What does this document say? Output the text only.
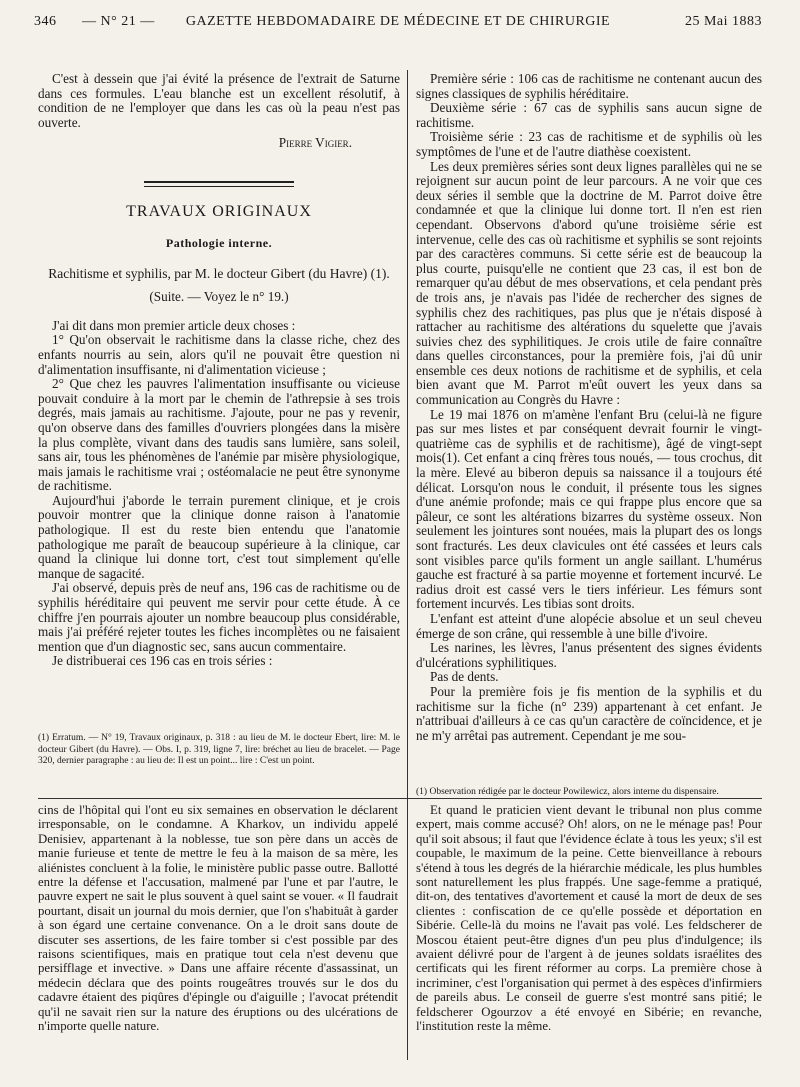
346 — N° 21 —	GAZETTE HEBDOMADAIRE DE MÉDECINE ET DE CHIRURGIE	25 Mai 1883

C'est à dessein que j'ai évité la présence de l'extrait de Saturne dans ces formules. L'eau blanche est un excellent résolutif, à condition de ne l'employer que dans les cas où la peau n'est pas ouverte.

Pierre Vigier.

TRAVAUX ORIGINAUX

Pathologie interne.

Rachitisme et syphilis, par M. le docteur Gibert (du Havre) (1).

(Suite. — Voyez le n° 19.)

J'ai dit dans mon premier article deux choses :

1° Qu'on observait le rachitisme dans la classe riche, chez des enfants nourris au sein, alors qu'il ne pouvait être question ni d'alimentation insuffisante, ni d'alimentation vicieuse ;

2° Que chez les pauvres l'alimentation insuffisante ou vicieuse pouvait conduire à la mort par le chemin de l'athrepsie à ses trois degrés, mais jamais au rachitisme. J'ajoute, pour ne pas y revenir, qu'on observe dans des familles d'ouvriers plongées dans la misère la plus complète, vivant dans des taudis sans lumière, sans soleil, sans air, tous les phénomènes de l'anémie par misère physiologique, mais jamais le rachitisme vrai ; ostéomalacie ne peut être synonyme de rachitisme.

Aujourd'hui j'aborde le terrain purement clinique, et je crois pouvoir montrer que la clinique donne raison à l'anatomie pathologique. Il est du reste bien entendu que l'anatomie pathologique me paraît de beaucoup supérieure à la clinique, car quand la clinique lui donne tort, c'est tout simplement qu'elle manque de sagacité.

J'ai observé, depuis près de neuf ans, 196 cas de rachitisme ou de syphilis héréditaire qui peuvent me servir pour cette étude. À ce chiffre j'en pourrais ajouter un nombre beaucoup plus considérable, mais j'ai préféré rejeter toutes les fiches incomplètes ou ne faisaient mention que d'un diagnostic sec, sans aucun commentaire.

Je distribuerai ces 196 cas en trois séries :

(1) Erratum. — N° 19, Travaux originaux, p. 318 : au lieu de M. le docteur Ebert, lire: M. le docteur Gibert (du Havre). — Obs. I, p. 319, ligne 7, lire: bréchet au lieu de bracelet. — Page 320, dernier paragraphe : au lieu de: Il est un point... lire : C'est un point.

Première série : 106 cas de rachitisme ne contenant aucun des signes classiques de syphilis héréditaire.

Deuxième série : 67 cas de syphilis sans aucun signe de rachitisme.

Troisième série : 23 cas de rachitisme et de syphilis où les symptômes de l'une et de l'autre diathèse coexistent.

Les deux premières séries sont deux lignes parallèles qui ne se rejoignent sur aucun point de leur parcours. A ne voir que ces deux séries il semble que la doctrine de M. Parrot doive être condamnée et que la clinique lui donne tort. Il n'en est rien cependant. Observons d'abord qu'une troisième série est intervenue, celle des cas où rachitisme et syphilis se sont rejoints par des caractères communs. Si cette série est de beaucoup la plus courte, puisqu'elle ne contient que 23 cas, il est bon de remarquer qu'au début de mes observations, et cela pendant près de trois ans, je n'avais pas l'idée de rechercher des signes de syphilis chez des rachitiques, pas plus que je n'étais disposé à rattacher au rachitisme des altérations du squelette que j'avais suivies chez des syphilitiques. Je crois utile de faire connaître dans quelles circonstances, pour la première fois, j'ai dû unir ensemble ces deux notions de rachitisme et de syphilis, et cela bien avant que M. Parrot m'eût ouvert les yeux dans sa communication au Congrès du Havre :

Le 19 mai 1876 on m'amène l'enfant Bru (celui-là ne figure pas sur mes listes et par conséquent devrait fournir le vingt-quatrième cas de syphilis et de rachitisme), âgé de vingt-sept mois(1). Cet enfant a cinq frères tous noués, — tous crochus, dit la mère. Elevé au biberon depuis sa naissance il a toujours été délicat. Lorsqu'on nous le conduit, il présente tous les signes d'une anémie profonde; mais ce qui frappe plus encore que sa pâleur, ce sont les altérations bizarres du système osseux. Non seulement les jointures sont nouées, mais la plupart des os longs sont fracturés. Les deux clavicules ont été cassées et leurs cals sont visibles parce qu'ils forment un angle saillant. L'humérus gauche est fracturé à sa partie moyenne et fortement incurvé. Le radius droit est cassé vers le tiers inférieur. Les fémurs sont fortement incurvés. Les tibias sont droits.

L'enfant est atteint d'une alopécie absolue et un seul cheveu émerge de son crâne, qui ressemble à une bille d'ivoire.

Les narines, les lèvres, l'anus présentent des signes évidents d'ulcérations syphilitiques.

Pas de dents.

Pour la première fois je fis mention de la syphilis et du rachitisme sur la fiche (n° 239) appartenant à cet enfant. Je n'attribuai d'ailleurs à ce cas qu'un caractère de coïncidence, et je ne m'y arrêtai pas autrement. Cependant je me sou-

(1) Observation rédigée par le docteur Powilewicz, alors interne du dispensaire.

cins de l'hôpital qui l'ont eu six semaines en observation le déclarent irresponsable, on le condamne. A Kharkov, un individu appelé Denisiev, appartenant à la noblesse, tue son père dans un accès de manie furieuse et tente de mettre le feu à la maison de sa mère, les aliénistes concluent à la folie, le ministère public passe outre. Ballotté entre la défense et l'accusation, malmené par l'une et par l'autre, le pauvre expert ne sait le plus souvent à quel saint se vouer. « Il faudrait pourtant, disait un journal du mois dernier, que l'on s'habituât à garder à son égard une certaine convenance. On a le droit sans doute de discuter ses assertions, de les faire tomber si c'est possible par des raisons scientifiques, mais en pratique tout cela n'est devenu que persifflage et invective. » Dans une affaire récente d'assassinat, un médecin déclara que des points rougeâtres trouvés sur le dos du cadavre étaient des piqûres d'épingle ou d'aiguille ; l'avocat prétendit qu'il ne savait rien sur la nature des éruptions ou des ulcérations de n'importe quelle nature.

Et quand le praticien vient devant le tribunal non plus comme expert, mais comme accusé? Oh! alors, on ne le ménage pas! Pour qu'il soit absous; il faut que l'évidence éclate à tous les yeux; s'il est coupable, le maximum de la peine. Cette bienveillance à rebours s'étend à tous les degrés de la hiérarchie médicale, les plus humbles sont naturellement les plus frappés. Une sage-femme a pratiqué, dit-on, des tentatives d'avortement et causé la mort de deux de ses clientes : confiscation de ce qu'elle possède et déportation en Sibérie. Celle-là du moins ne l'avait pas volé. Les feldscherer de Moscou étaient peut-être dignes d'un peu plus d'indulgence; ils avaient délivré pour de l'argent à de jeunes soldats israélites des certificats qui les firent réformer au corps. La première chose à incriminer, c'est l'organisation qui permet à des espèces d'infirmiers de pareils abus. Le conseil de guerre s'est montré sans pitié; le feldscherer Ogourzov a été envoyé en Sibérie; en revanche, l'institution reste la même.
